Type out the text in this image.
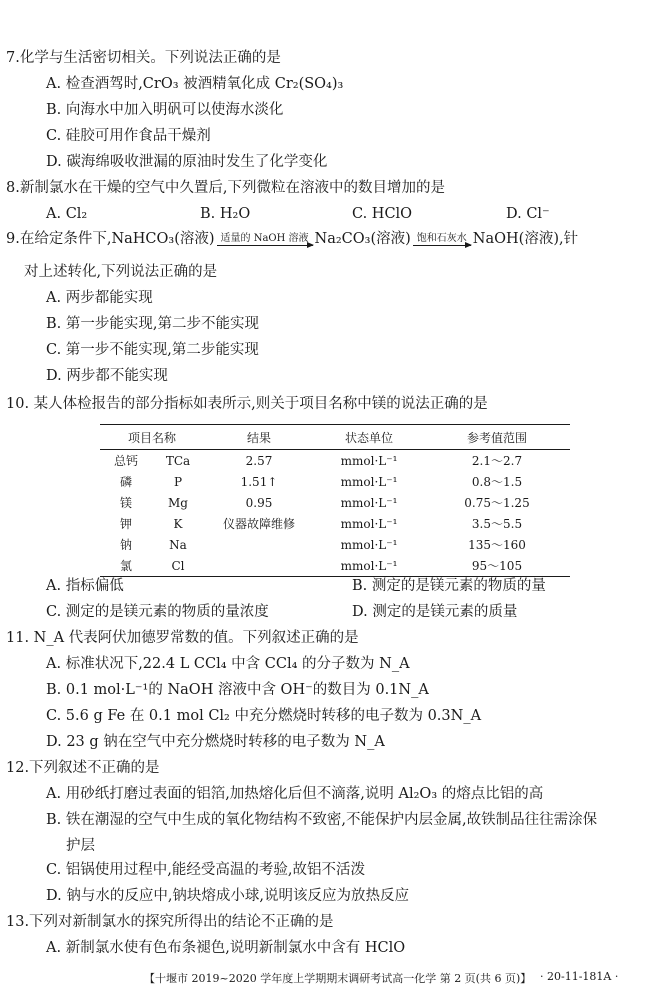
7.化学与生活密切相关。下列说法正确的是
A. 检查酒驾时,CrO₃ 被酒精氧化成 Cr₂(SO₄)₃
B. 向海水中加入明矾可以使海水淡化
C. 硅胶可用作食品干燥剂
D. 碳海绵吸收泄漏的原油时发生了化学变化
8.新制氯水在干燥的空气中久置后,下列微粒在溶液中的数目增加的是
A. Cl₂	B. H₂O	C. HClO	D. Cl⁻
9.在给定条件下,NaHCO₃(溶液) 适量的 NaOH 溶液 Na₂CO₃(溶液) 饱和石灰水 NaOH(溶液),针
对上述转化,下列说法正确的是
A. 两步都能实现
B. 第一步能实现,第二步不能实现
C. 第一步不能实现,第二步能实现
D. 两步都不能实现
10. 某人体检报告的部分指标如表所示,则关于项目名称中镁的说法正确的是
项目名称		结果	状态单位	参考值范围
总钙	TCa	2.57	mmol·L⁻¹	2.1～2.7
磷	P	1.51↑	mmol·L⁻¹	0.8～1.5
镁	Mg	0.95	mmol·L⁻¹	0.75～1.25
钾	K	仪器故障维修	mmol·L⁻¹	3.5～5.5
钠	Na		mmol·L⁻¹	135～160
氯	Cl		mmol·L⁻¹	95～105
A. 指标偏低	B. 测定的是镁元素的物质的量
C. 测定的是镁元素的物质的量浓度	D. 测定的是镁元素的质量
11. N_A 代表阿伏加德罗常数的值。下列叙述正确的是
A. 标准状况下,22.4 L CCl₄ 中含 CCl₄ 的分子数为 N_A
B. 0.1 mol·L⁻¹的 NaOH 溶液中含 OH⁻的数目为 0.1N_A
C. 5.6 g Fe 在 0.1 mol Cl₂ 中充分燃烧时转移的电子数为 0.3N_A
D. 23 g 钠在空气中充分燃烧时转移的电子数为 N_A
12.下列叙述不正确的是
A. 用砂纸打磨过表面的铝箔,加热熔化后但不滴落,说明 Al₂O₃ 的熔点比铝的高
B. 铁在潮湿的空气中生成的氧化物结构不致密,不能保护内层金属,故铁制品往往需涂保
护层
C. 铝锅使用过程中,能经受高温的考验,故铝不活泼
D. 钠与水的反应中,钠块熔成小球,说明该反应为放热反应
13.下列对新制氯水的探究所得出的结论不正确的是
A. 新制氯水使有色布条褪色,说明新制氯水中含有 HClO
【十堰市 2019~2020 学年度上学期期末调研考试高一化学 第 2 页(共 6 页)】 · 20-11-181A ·
